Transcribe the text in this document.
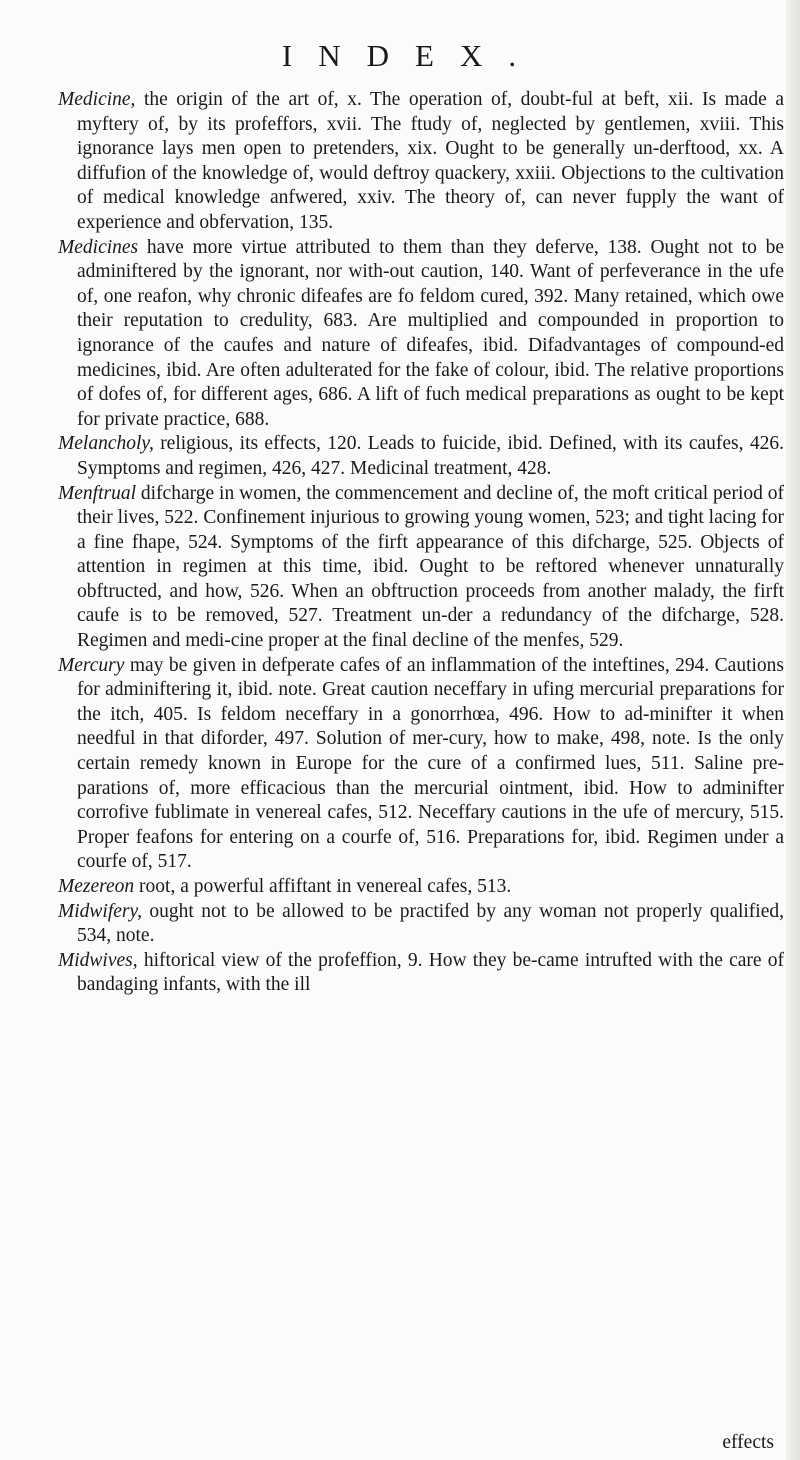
INDEX.

Medicine, the origin of the art of, x. The operation of, doubt-ful at beft, xii. Is made a myftery of, by its profeffors, xvii. The ftudy of, neglected by gentlemen, xviii. This ignorance lays men open to pretenders, xix. Ought to be generally un-derftood, xx. A diffufion of the knowledge of, would deftroy quackery, xxiii. Objections to the cultivation of medical knowledge anfwered, xxiv. The theory of, can never fupply the want of experience and obfervation, 135.

Medicines have more virtue attributed to them than they deferve, 138. Ought not to be adminiftered by the ignorant, nor with-out caution, 140. Want of perfeverance in the ufe of, one reafon, why chronic difeafes are fo feldom cured, 392. Many retained, which owe their reputation to credulity, 683. Are multiplied and compounded in proportion to ignorance of the caufes and nature of difeafes, ibid. Difadvantages of compound-ed medicines, ibid. Are often adulterated for the fake of colour, ibid. The relative proportions of dofes of, for different ages, 686. A lift of fuch medical preparations as ought to be kept for private practice, 688.

Melancholy, religious, its effects, 120. Leads to fuicide, ibid. Defined, with its caufes, 426. Symptoms and regimen, 426, 427. Medicinal treatment, 428.

Menftrual difcharge in women, the commencement and decline of, the moft critical period of their lives, 522. Confinement injurious to growing young women, 523; and tight lacing for a fine fhape, 524. Symptoms of the firft appearance of this difcharge, 525. Objects of attention in regimen at this time, ibid. Ought to be reftored whenever unnaturally obftructed, and how, 526. When an obftruction proceeds from another malady, the firft caufe is to be removed, 527. Treatment un-der a redundancy of the difcharge, 528. Regimen and medi-cine proper at the final decline of the menfes, 529.

Mercury may be given in defperate cafes of an inflammation of the inteftines, 294. Cautions for adminiftering it, ibid. note. Great caution neceffary in ufing mercurial preparations for the itch, 405. Is feldom neceffary in a gonorrhœa, 496. How to ad-minifter it when needful in that diforder, 497. Solution of mer-cury, how to make, 498, note. Is the only certain remedy known in Europe for the cure of a confirmed lues, 511. Saline pre-parations of, more efficacious than the mercurial ointment, ibid. How to adminifter corrofive fublimate in venereal cafes, 512. Neceffary cautions in the ufe of mercury, 515. Proper feafons for entering on a courfe of, 516. Preparations for, ibid. Regimen under a courfe of, 517.

Mezereon root, a powerful affiftant in venereal cafes, 513.

Midwifery, ought not to be allowed to be practifed by any woman not properly qualified, 534, note.

Midwives, hiftorical view of the profeffion, 9. How they be-came intrufted with the care of bandaging infants, with the ill

effects
